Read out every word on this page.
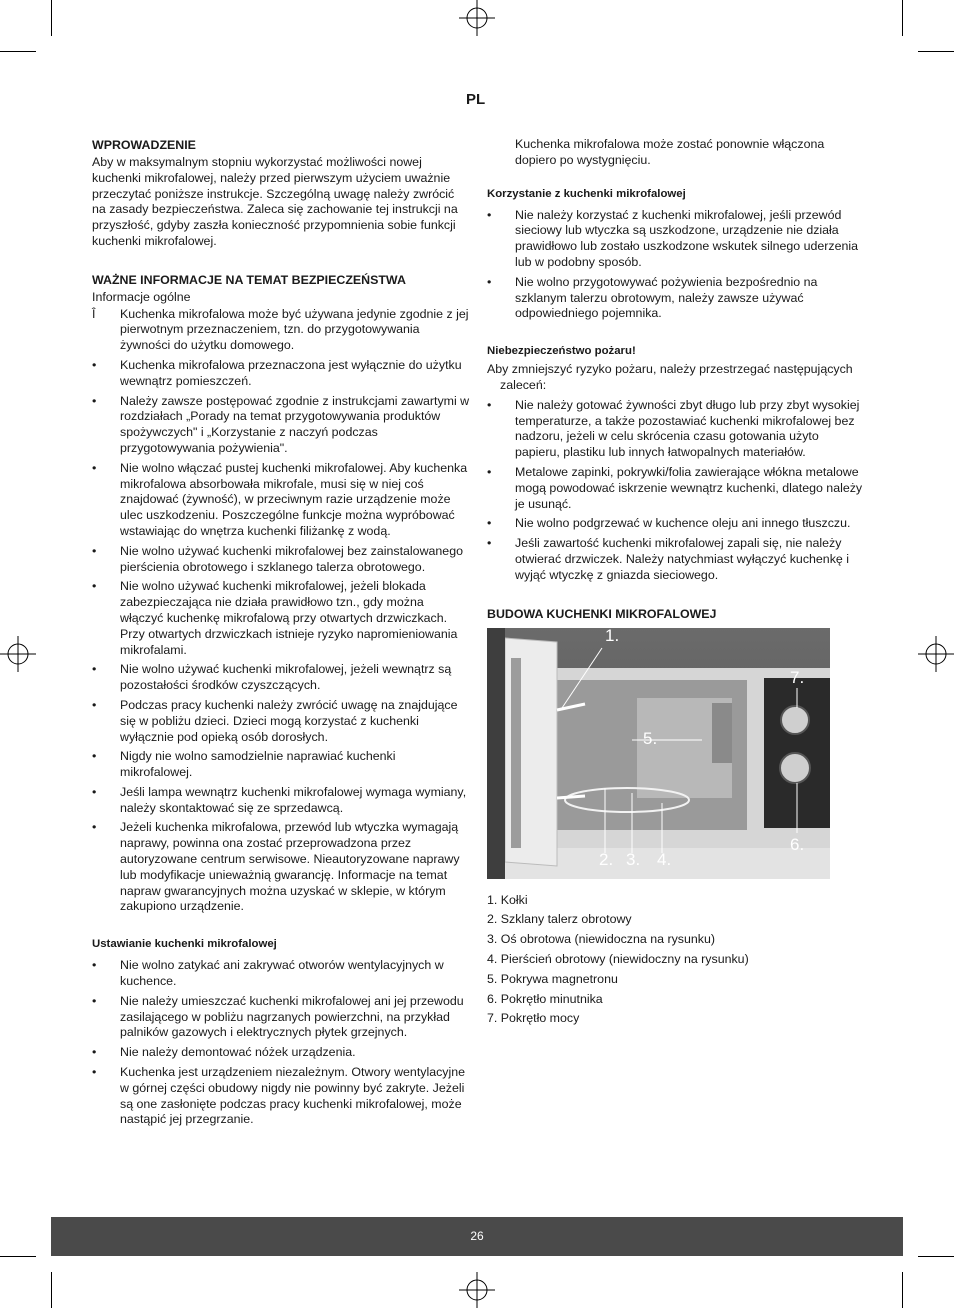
PL
WPROWADZENIE

Aby w maksymalnym stopniu wykorzystać możliwości nowej kuchenki mikrofalowej, należy przed pierwszym użyciem uważnie przeczytać poniższe instrukcje. Szczególną uwagę należy zwrócić na zasady bezpieczeństwa. Zaleca się zachowanie tej instrukcji na przyszłość, gdyby zaszła konieczność przypomnienia sobie funkcji kuchenki mikrofalowej.

WAŻNE INFORMACJE NA TEMAT BEZPIECZEŃSTWA

Informacje ogólne

Î Kuchenka mikrofalowa może być używana jedynie zgodnie z jej pierwotnym przeznaczeniem, tzn. do przygotowywania żywności do użytku domowego.
• Kuchenka mikrofalowa przeznaczona jest wyłącznie do użytku wewnątrz pomieszczeń.
• Należy zawsze postępować zgodnie z instrukcjami zawartymi w rozdziałach „Porady na temat przygotowywania produktów spożywczych" i „Korzystanie z naczyń podczas przygotowywania pożywienia".
• Nie wolno włączać pustej kuchenki mikrofalowej. Aby kuchenka mikrofalowa absorbowała mikrofale, musi się w niej coś znajdować (żywność), w przeciwnym razie urządzenie może ulec uszkodzeniu. Poszczególne funkcje można wypróbować wstawiając do wnętrza kuchenki filiżankę z wodą.
• Nie wolno używać kuchenki mikrofalowej bez zainstalowanego pierścienia obrotowego i szklanego talerza obrotowego.
• Nie wolno używać kuchenki mikrofalowej, jeżeli blokada zabezpieczająca nie działa prawidłowo tzn., gdy można włączyć kuchenkę mikrofalową przy otwartych drzwiczkach. Przy otwartych drzwiczkach istnieje ryzyko napromieniowania mikrofalami.
• Nie wolno używać kuchenki mikrofalowej, jeżeli wewnątrz są pozostałości środków czyszczących.
• Podczas pracy kuchenki należy zwrócić uwagę na znajdujące się w pobliżu dzieci. Dzieci mogą korzystać z kuchenki wyłącznie pod opieką osób dorosłych.
• Nigdy nie wolno samodzielnie naprawiać kuchenki mikrofalowej.
• Jeśli lampa wewnątrz kuchenki mikrofalowej wymaga wymiany, należy skontaktować się ze sprzedawcą.
• Jeżeli kuchenka mikrofalowa, przewód lub wtyczka wymagają naprawy, powinna ona zostać przeprowadzona przez autoryzowane centrum serwisowe. Nieautoryzowane naprawy lub modyfikacje unieważnią gwarancję. Informacje na temat napraw gwarancyjnych można uzyskać w sklepie, w którym zakupiono urządzenie.
Ustawianie kuchenki mikrofalowej
• Nie wolno zatykać ani zakrywać otworów wentylacyjnych w kuchence.
• Nie należy umieszczać kuchenki mikrofalowej ani jej przewodu zasilającego w pobliżu nagrzanych powierzchni, na przykład palników gazowych i elektrycznych płytek grzejnych.
• Nie należy demontować nóżek urządzenia.
• Kuchenka jest urządzeniem niezależnym. Otwory wentylacyjne w górnej części obudowy nigdy nie powinny być zakryte. Jeżeli są one zasłonięte podczas pracy kuchenki mikrofalowej, może nastąpić jej przegrzanie.

Kuchenka mikrofalowa może zostać ponownie włączona dopiero po wystygnięciu.

Korzystanie z kuchenki mikrofalowej
• Nie należy korzystać z kuchenki mikrofalowej, jeśli przewód sieciowy lub wtyczka są uszkodzone, urządzenie nie działa prawidłowo lub zostało uszkodzone wskutek silnego uderzenia lub w podobny sposób.
• Nie wolno przygotowywać pożywienia bezpośrednio na szklanym talerzu obrotowym, należy zawsze używać odpowiedniego pojemnika.
Niebezpieczeństwo pożaru!

Aby zmniejszyć ryzyko pożaru, należy przestrzegać następujących zaleceń:

• Nie należy gotować żywności zbyt długo lub przy zbyt wysokiej temperaturze, a także pozostawiać kuchenki mikrofalowej bez nadzoru, jeżeli w celu skrócenia czasu gotowania użyto papieru, plastiku lub innych łatwopalnych materiałów.
• Metalowe zapinki, pokrywki/folia zawierające włókna metalowe mogą powodować iskrzenie wewnątrz kuchenki, dlatego należy je usunąć.
• Nie wolno podgrzewać w kuchence oleju ani innego tłuszczu.
• Jeśli zawartość kuchenki mikrofalowej zapali się, nie należy otwierać drzwiczek. Należy natychmiast wyłączyć kuchenkę i wyjąć wtyczkę z gniazda sieciowego.
BUDOWA KUCHENKI MIKROFALOWEJ
1.
7.
5.
6.
2. 3. 4.
1. Kołki
2. Szklany talerz obrotowy
3. Oś obrotowa (niewidoczna na rysunku)
4. Pierścień obrotowy (niewidoczny na rysunku)
5. Pokrywa magnetronu
6. Pokrętło minutnika
7. Pokrętło mocy
26
